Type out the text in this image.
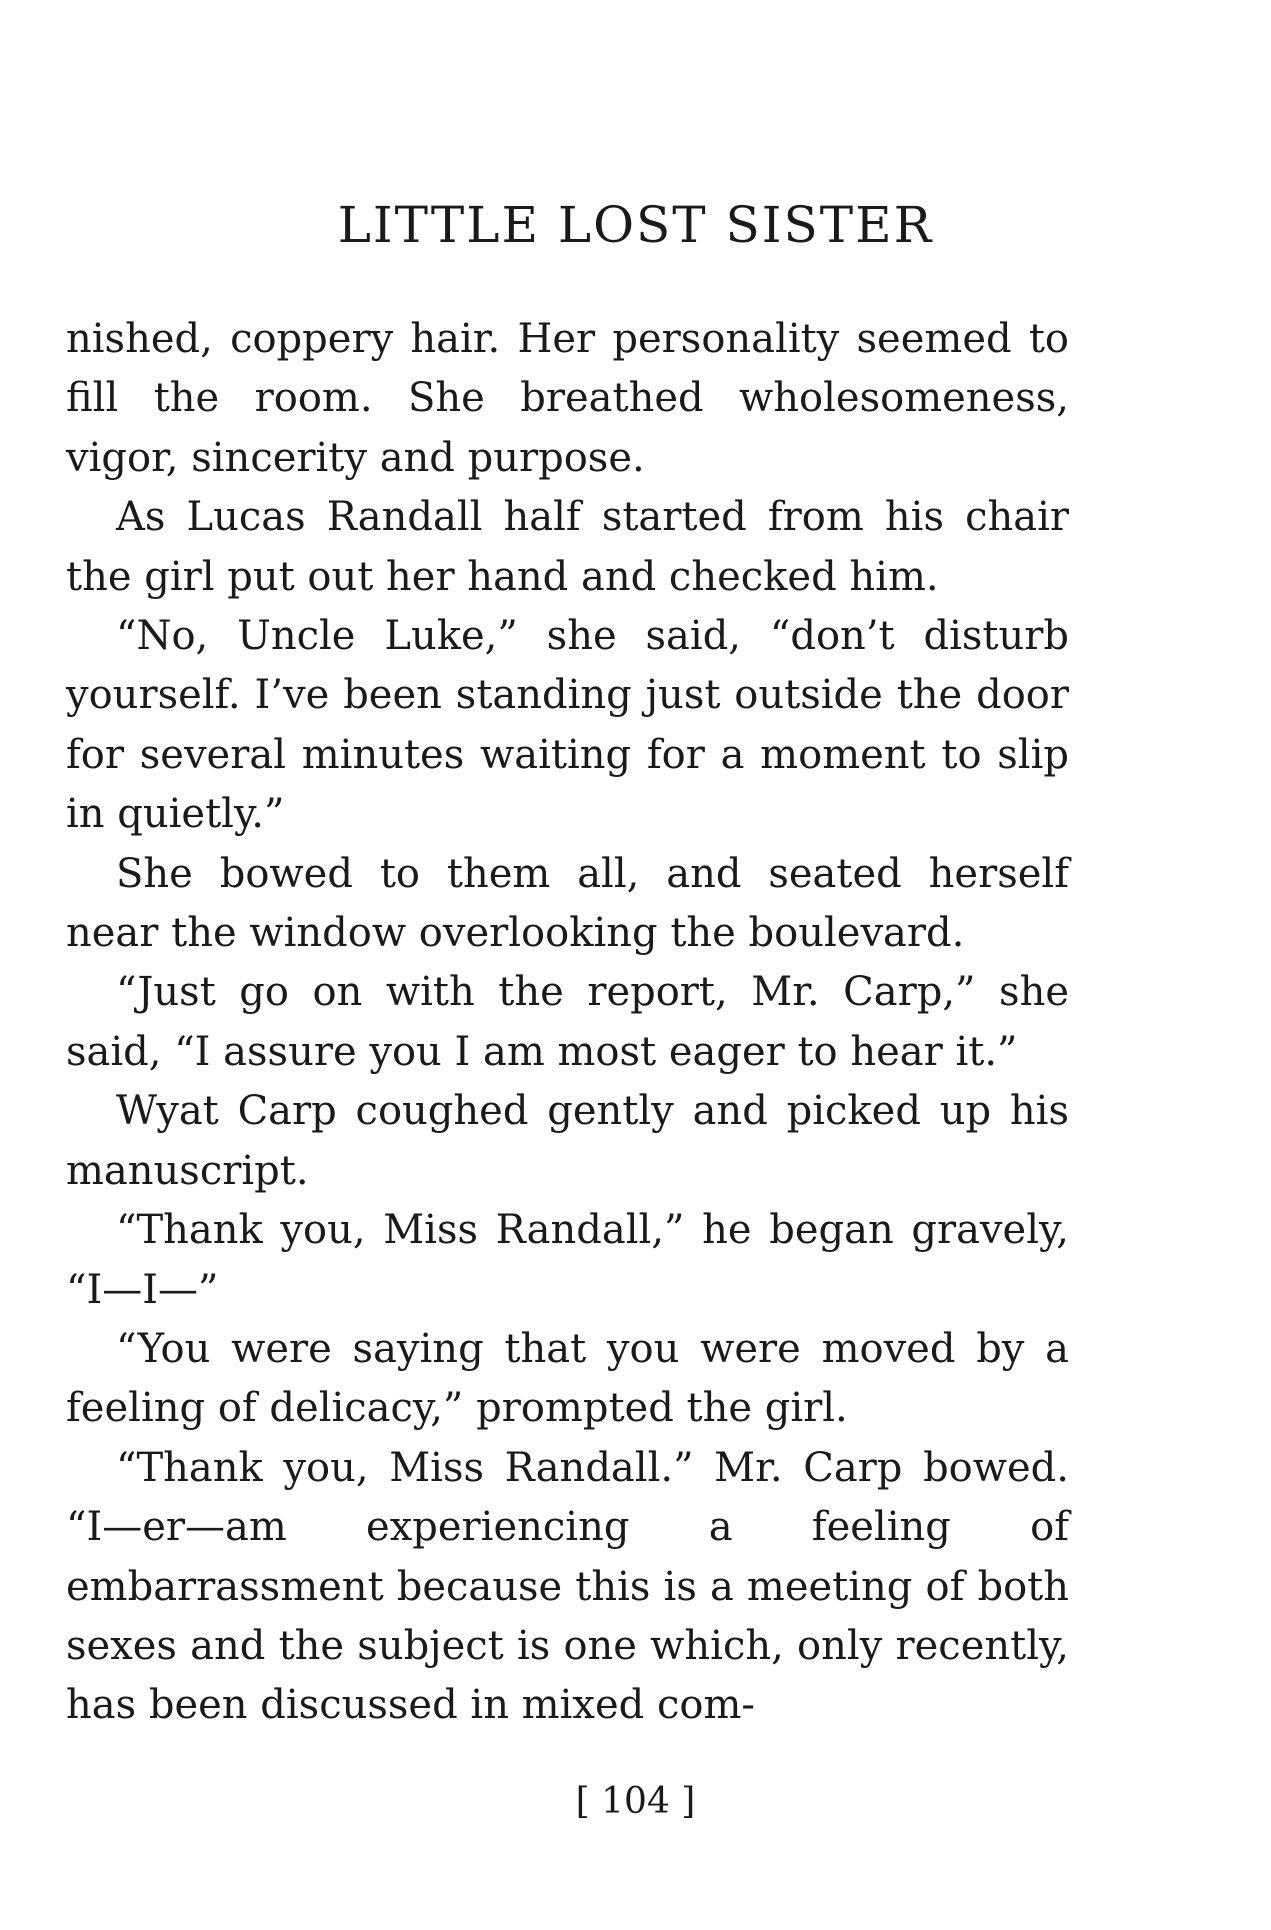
LITTLE LOST SISTER

nished, coppery hair. Her personality seemed to fill the room. She breathed wholesomeness, vigor, sincerity and purpose.

As Lucas Randall half started from his chair the girl put out her hand and checked him.

“No, Uncle Luke,” she said, “don’t disturb yourself. I’ve been standing just outside the door for several minutes waiting for a moment to slip in quietly.”

She bowed to them all, and seated herself near the window overlooking the boulevard.

“Just go on with the report, Mr. Carp,” she said, “I assure you I am most eager to hear it.”

Wyat Carp coughed gently and picked up his manuscript.

“Thank you, Miss Randall,” he began gravely, “I—I—”

“You were saying that you were moved by a feeling of delicacy,” prompted the girl.

“Thank you, Miss Randall.” Mr. Carp bowed. “I—er—am experiencing a feeling of embarrassment because this is a meeting of both sexes and the subject is one which, only recently, has been discussed in mixed com-

[ 104 ]
